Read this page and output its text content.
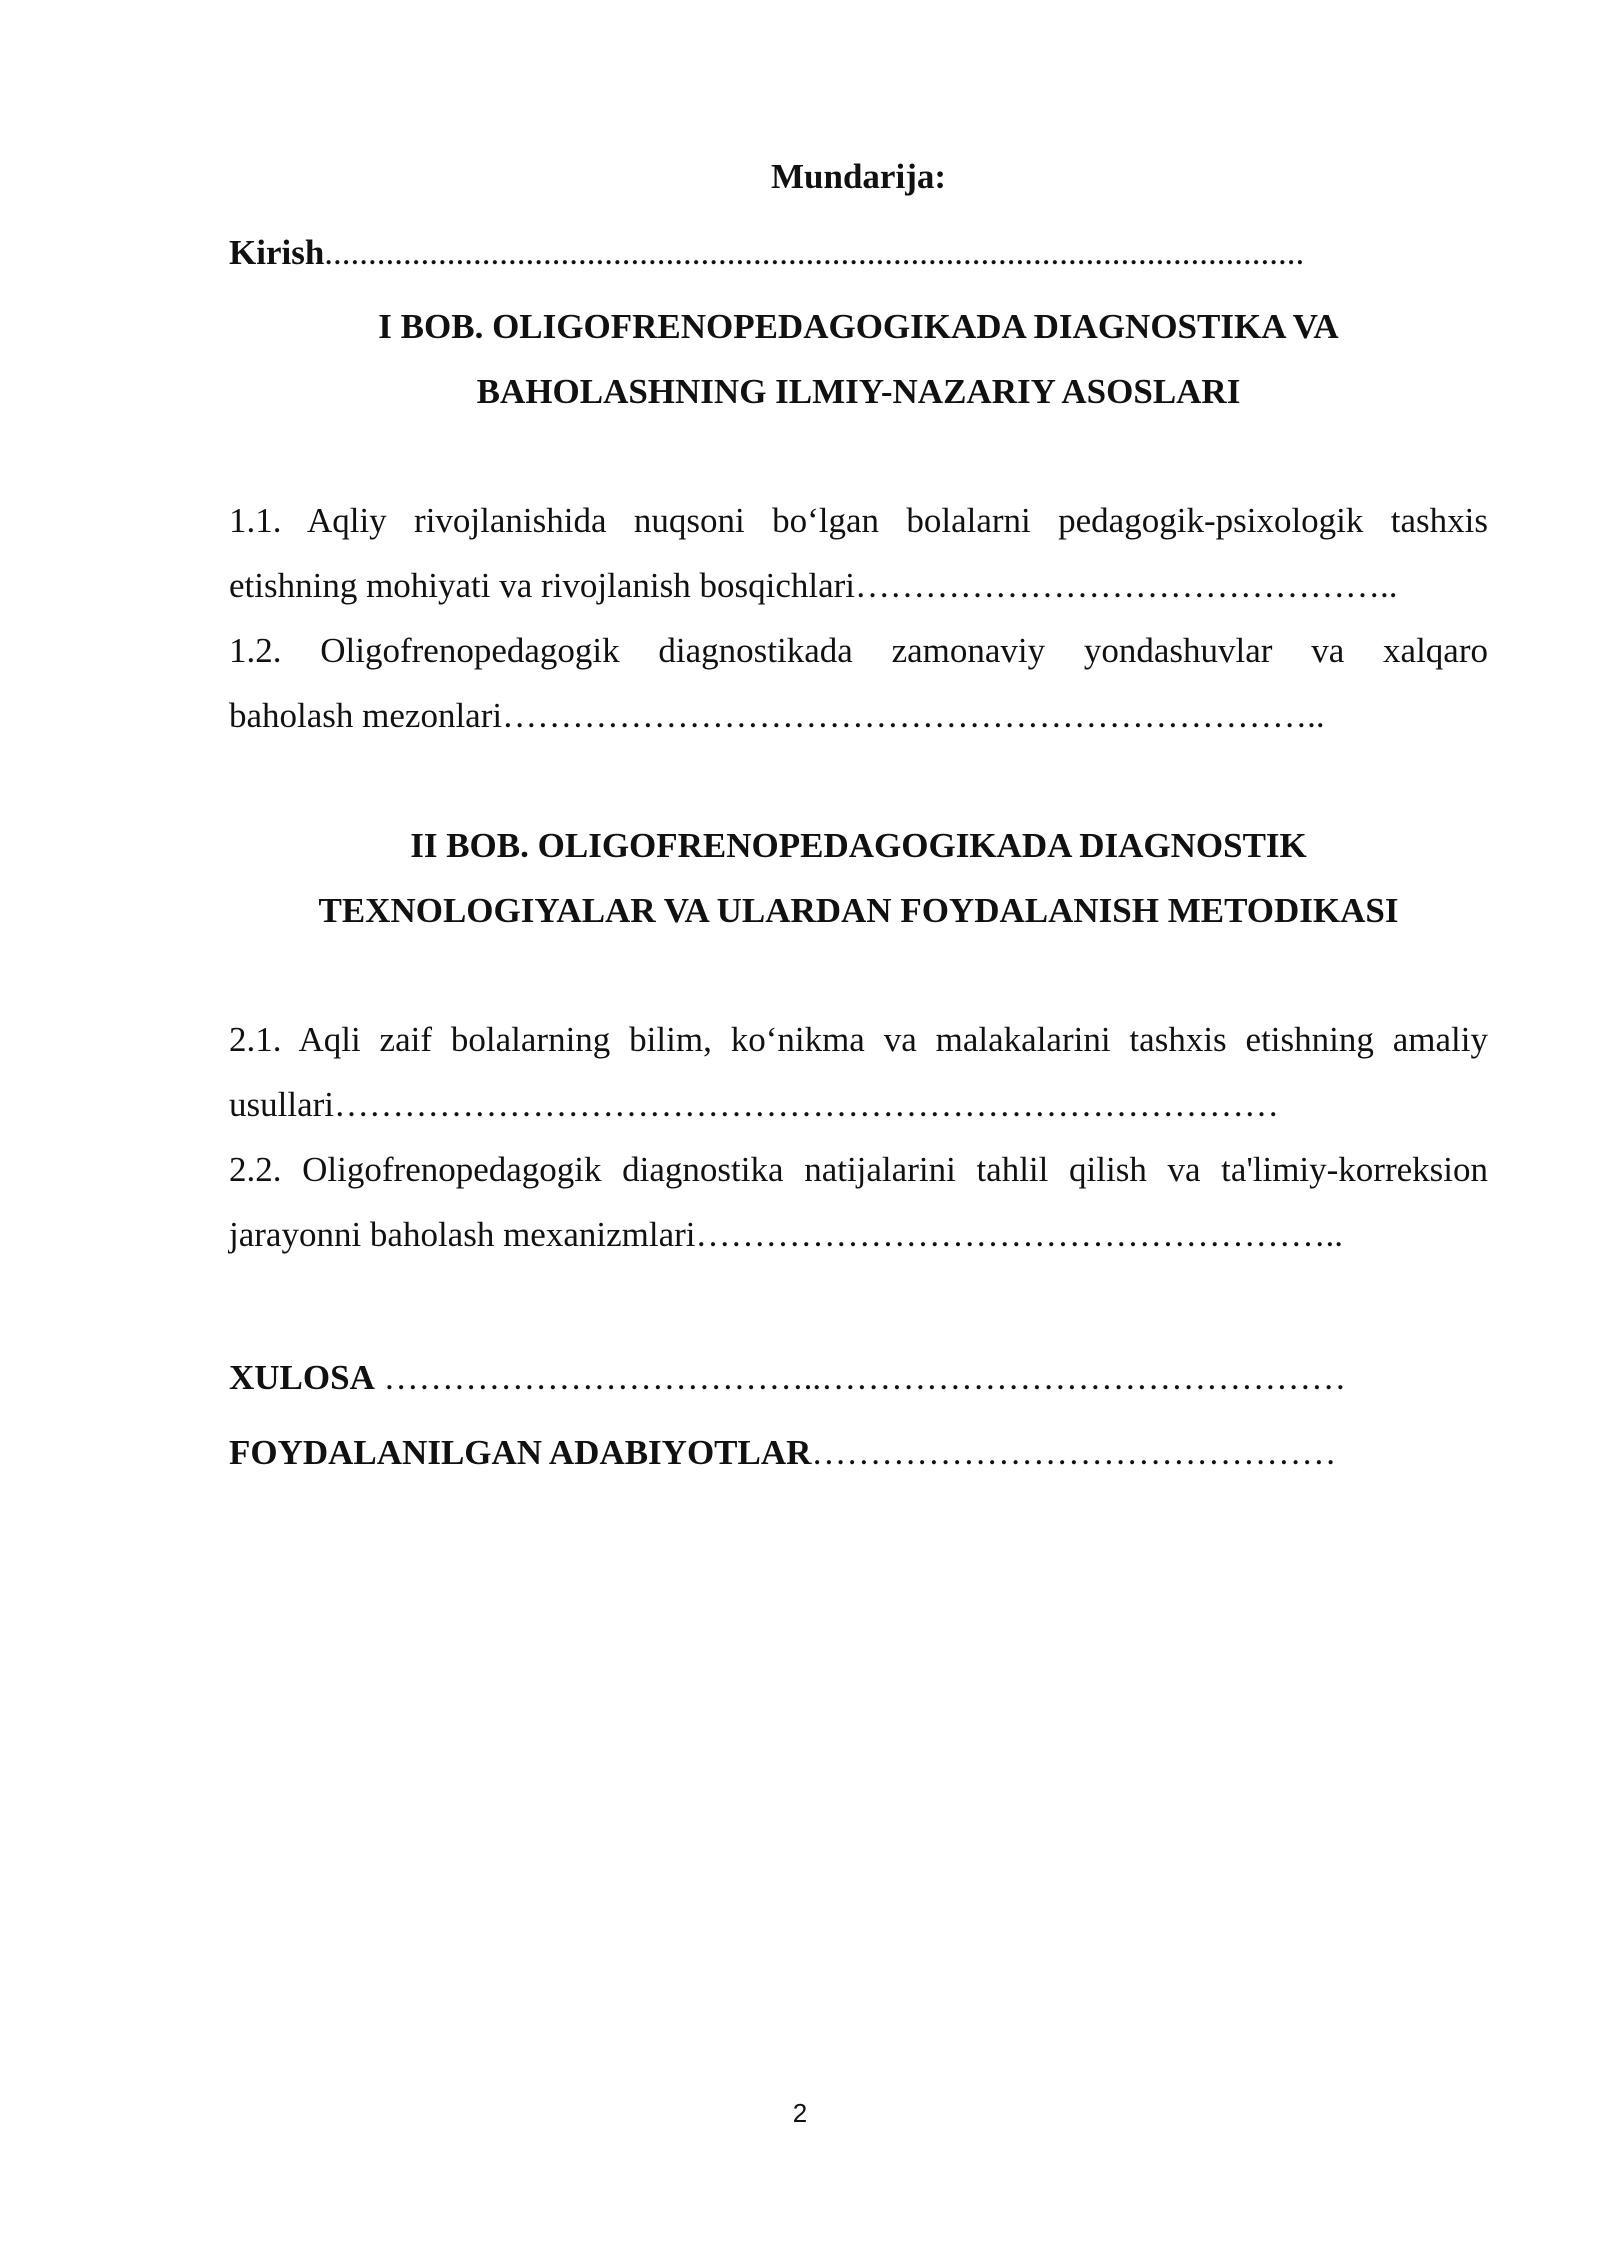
Mundarija:
Kirish................................................................................................................
I BOB. OLIGOFRENOPEDAGOGIKADA DIAGNOSTIKA VA
BAHOLASHNING ILMIY-NAZARIY ASOSLARI
1.1. Aqliy rivojlanishida nuqsoni bo‘lgan bolalarni pedagogik-psixologik tashxis
etishning mohiyati va rivojlanish bosqichlari………………………………………..
1.2. Oligofrenopedagogik diagnostikada zamonaviy yondashuvlar va xalqaro
baholash mezonlari……………………………………………………………..
II BOB. OLIGOFRENOPEDAGOGIKADA DIAGNOSTIK
TEXNOLOGIYALAR VA ULARDAN FOYDALANISH METODIKASI
2.1. Aqli zaif bolalarning bilim, ko‘nikma va malakalarini tashxis etishning amaliy
usullari………………………………………………………………………
2.2. Oligofrenopedagogik diagnostika natijalarini tahlil qilish va ta'limiy-korreksion
jarayonni baholash mexanizmlari………………………………………………..
XULOSA ………………………………..………………………………………
FOYDALANILGAN ADABIYOTLAR………………………………………
2
